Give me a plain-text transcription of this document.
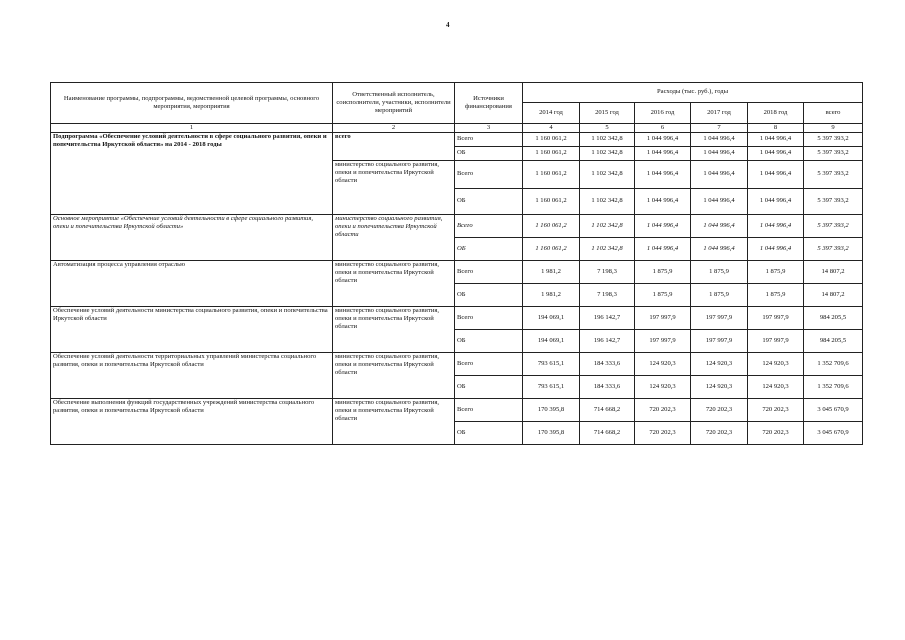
4
Наименование программы, подпрограммы, ведомственной целевой программы, основного мероприятия, мероприятия	Ответственный исполнитель, соисполнители, участники, исполнители мероприятий	Источники финансирования	Расходы (тыс. руб.), годы					
			2014 год	2015 год	2016 год	2017 год	2018 год	всего
1	2	3	4	5	6	7	8	9
Подпрограмма «Обеспечение условий деятельности в сфере социального развития, опеки и попечительства Иркутской области» на 2014 - 2018 годы	всего	Всего	1 160 061,2	1 102 342,8	1 044 996,4	1 044 996,4	1 044 996,4	5 397 393,2
		ОБ	1 160 061,2	1 102 342,8	1 044 996,4	1 044 996,4	1 044 996,4	5 397 393,2
	министерство социального развития, опеки и попечительства Иркутской области	Всего	1 160 061,2	1 102 342,8	1 044 996,4	1 044 996,4	1 044 996,4	5 397 393,2
		ОБ	1 160 061,2	1 102 342,8	1 044 996,4	1 044 996,4	1 044 996,4	5 397 393,2
Основное мероприятие «Обеспечение условий деятельности в сфере социального развития, опеки и попечительства Иркутской области»	министерство социального развития, опеки и попечительства Иркутской области	Всего	1 160 061,2	1 102 342,8	1 044 996,4	1 044 996,4	1 044 996,4	5 397 393,2
		ОБ	1 160 061,2	1 102 342,8	1 044 996,4	1 044 996,4	1 044 996,4	5 397 393,2
Автоматизация процесса управления отраслью	министерство социального развития, опеки и попечительства Иркутской области	Всего	1 981,2	7 198,3	1 875,9	1 875,9	1 875,9	14 807,2
		ОБ	1 981,2	7 198,3	1 875,9	1 875,9	1 875,9	14 807,2
Обеспечение условий деятельности министерства социального развития, опеки и попечительства Иркутской области	министерство социального развития, опеки и попечительства Иркутской области	Всего	194 069,1	196 142,7	197 997,9	197 997,9	197 997,9	984 205,5
		ОБ	194 069,1	196 142,7	197 997,9	197 997,9	197 997,9	984 205,5
Обеспечение условий деятельности территориальных управлений министерства социального развития, опеки и попечительства Иркутской области	министерство социального развития, опеки и попечительства Иркутской области	Всего	793 615,1	184 333,6	124 920,3	124 920,3	124 920,3	1 352 709,6
		ОБ	793 615,1	184 333,6	124 920,3	124 920,3	124 920,3	1 352 709,6
Обеспечение выполнения функций государственных учреждений министерства социального развития, опеки и попечительства Иркутской области	министерство социального развития, опеки и попечительства Иркутской области	Всего	170 395,8	714 668,2	720 202,3	720 202,3	720 202,3	3 045 670,9
		ОБ	170 395,8	714 668,2	720 202,3	720 202,3	720 202,3	3 045 670,9
